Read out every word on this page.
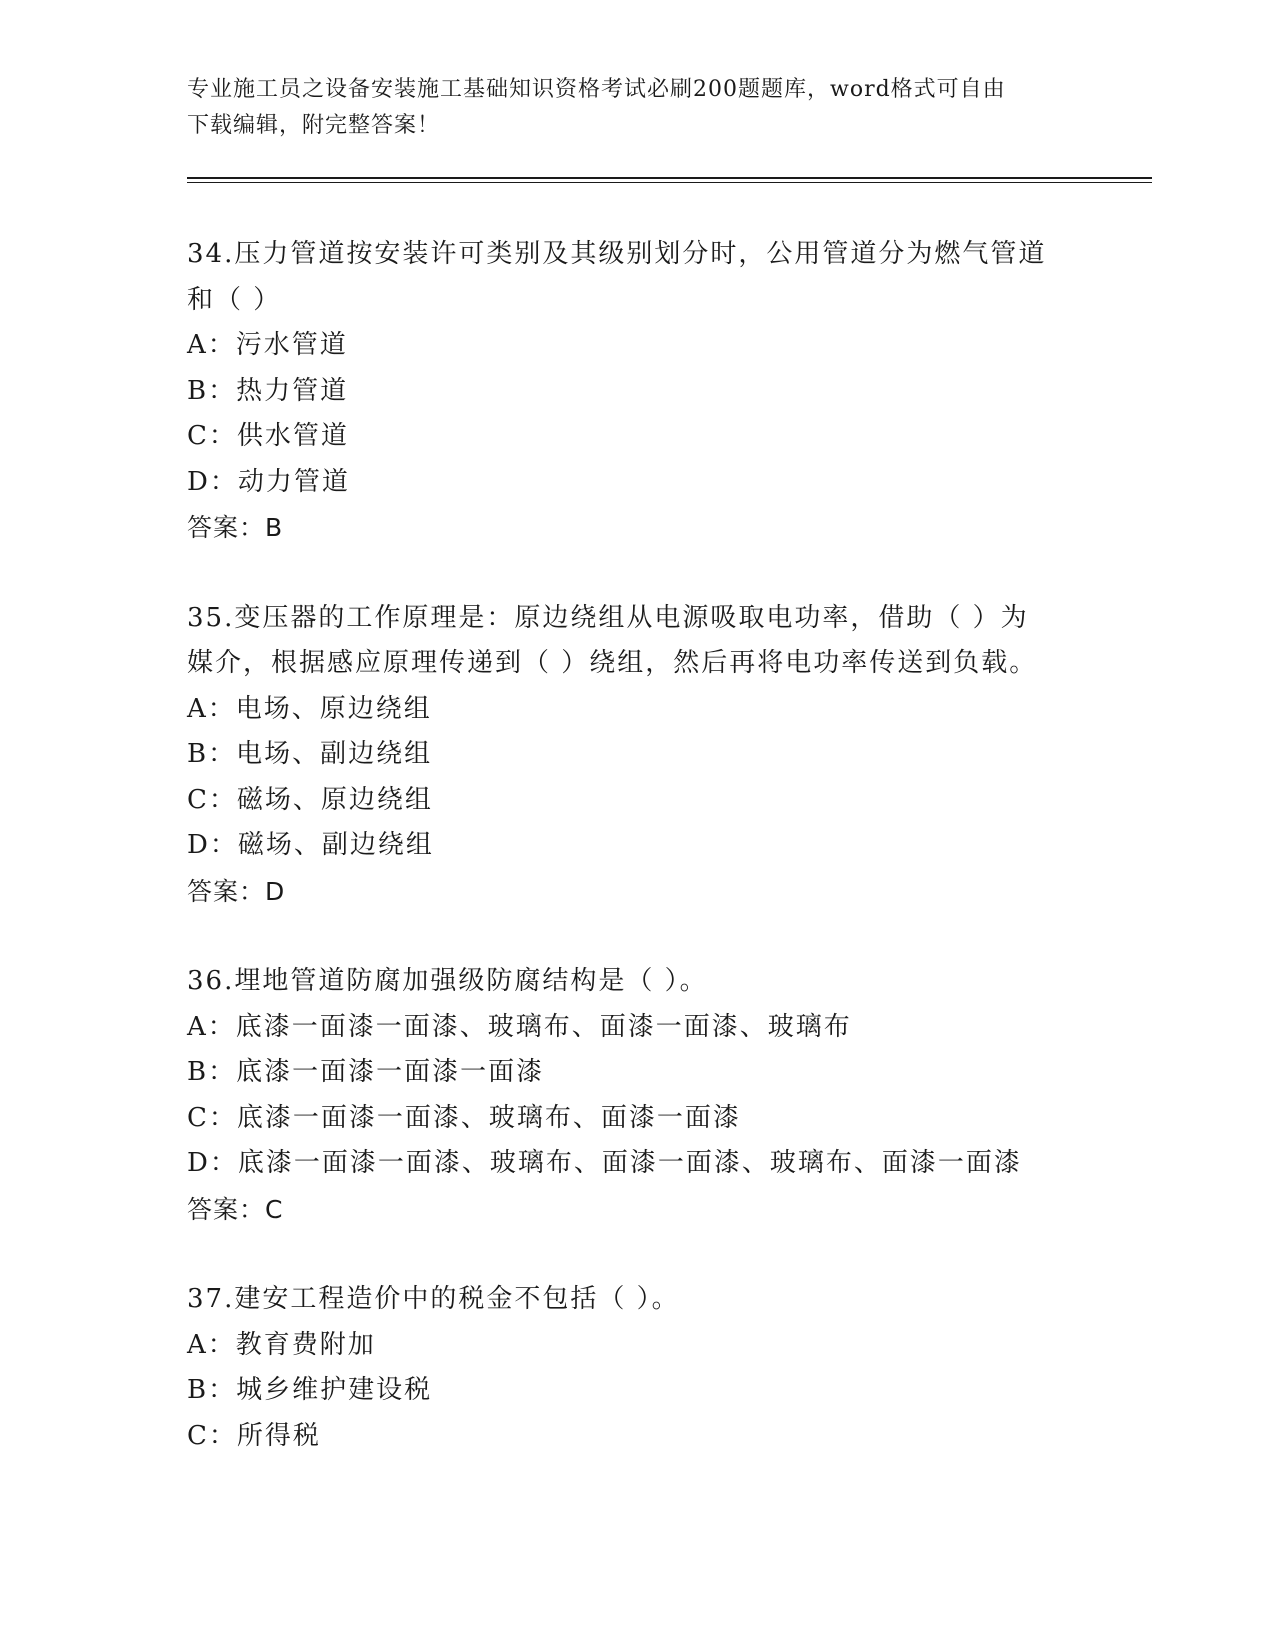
专业施工员之设备安装施工基础知识资格考试必刷200题题库，word格式可自由
下载编辑，附完整答案！
34.压力管道按安装许可类别及其级别划分时，公用管道分为燃气管道
和（ ）
A：污水管道
B：热力管道
C：供水管道
D：动力管道
答案：B
35.变压器的工作原理是：原边绕组从电源吸取电功率，借助（ ）为
媒介，根据感应原理传递到（ ）绕组，然后再将电功率传送到负载。
A：电场、原边绕组
B：电场、副边绕组
C：磁场、原边绕组
D：磁场、副边绕组
答案：D
36.埋地管道防腐加强级防腐结构是（ ）。
A：底漆一面漆一面漆、玻璃布、面漆一面漆、玻璃布
B：底漆一面漆一面漆一面漆
C：底漆一面漆一面漆、玻璃布、面漆一面漆
D：底漆一面漆一面漆、玻璃布、面漆一面漆、玻璃布、面漆一面漆
答案：C
37.建安工程造价中的税金不包括（ ）。
A：教育费附加
B：城乡维护建设税
C：所得税
